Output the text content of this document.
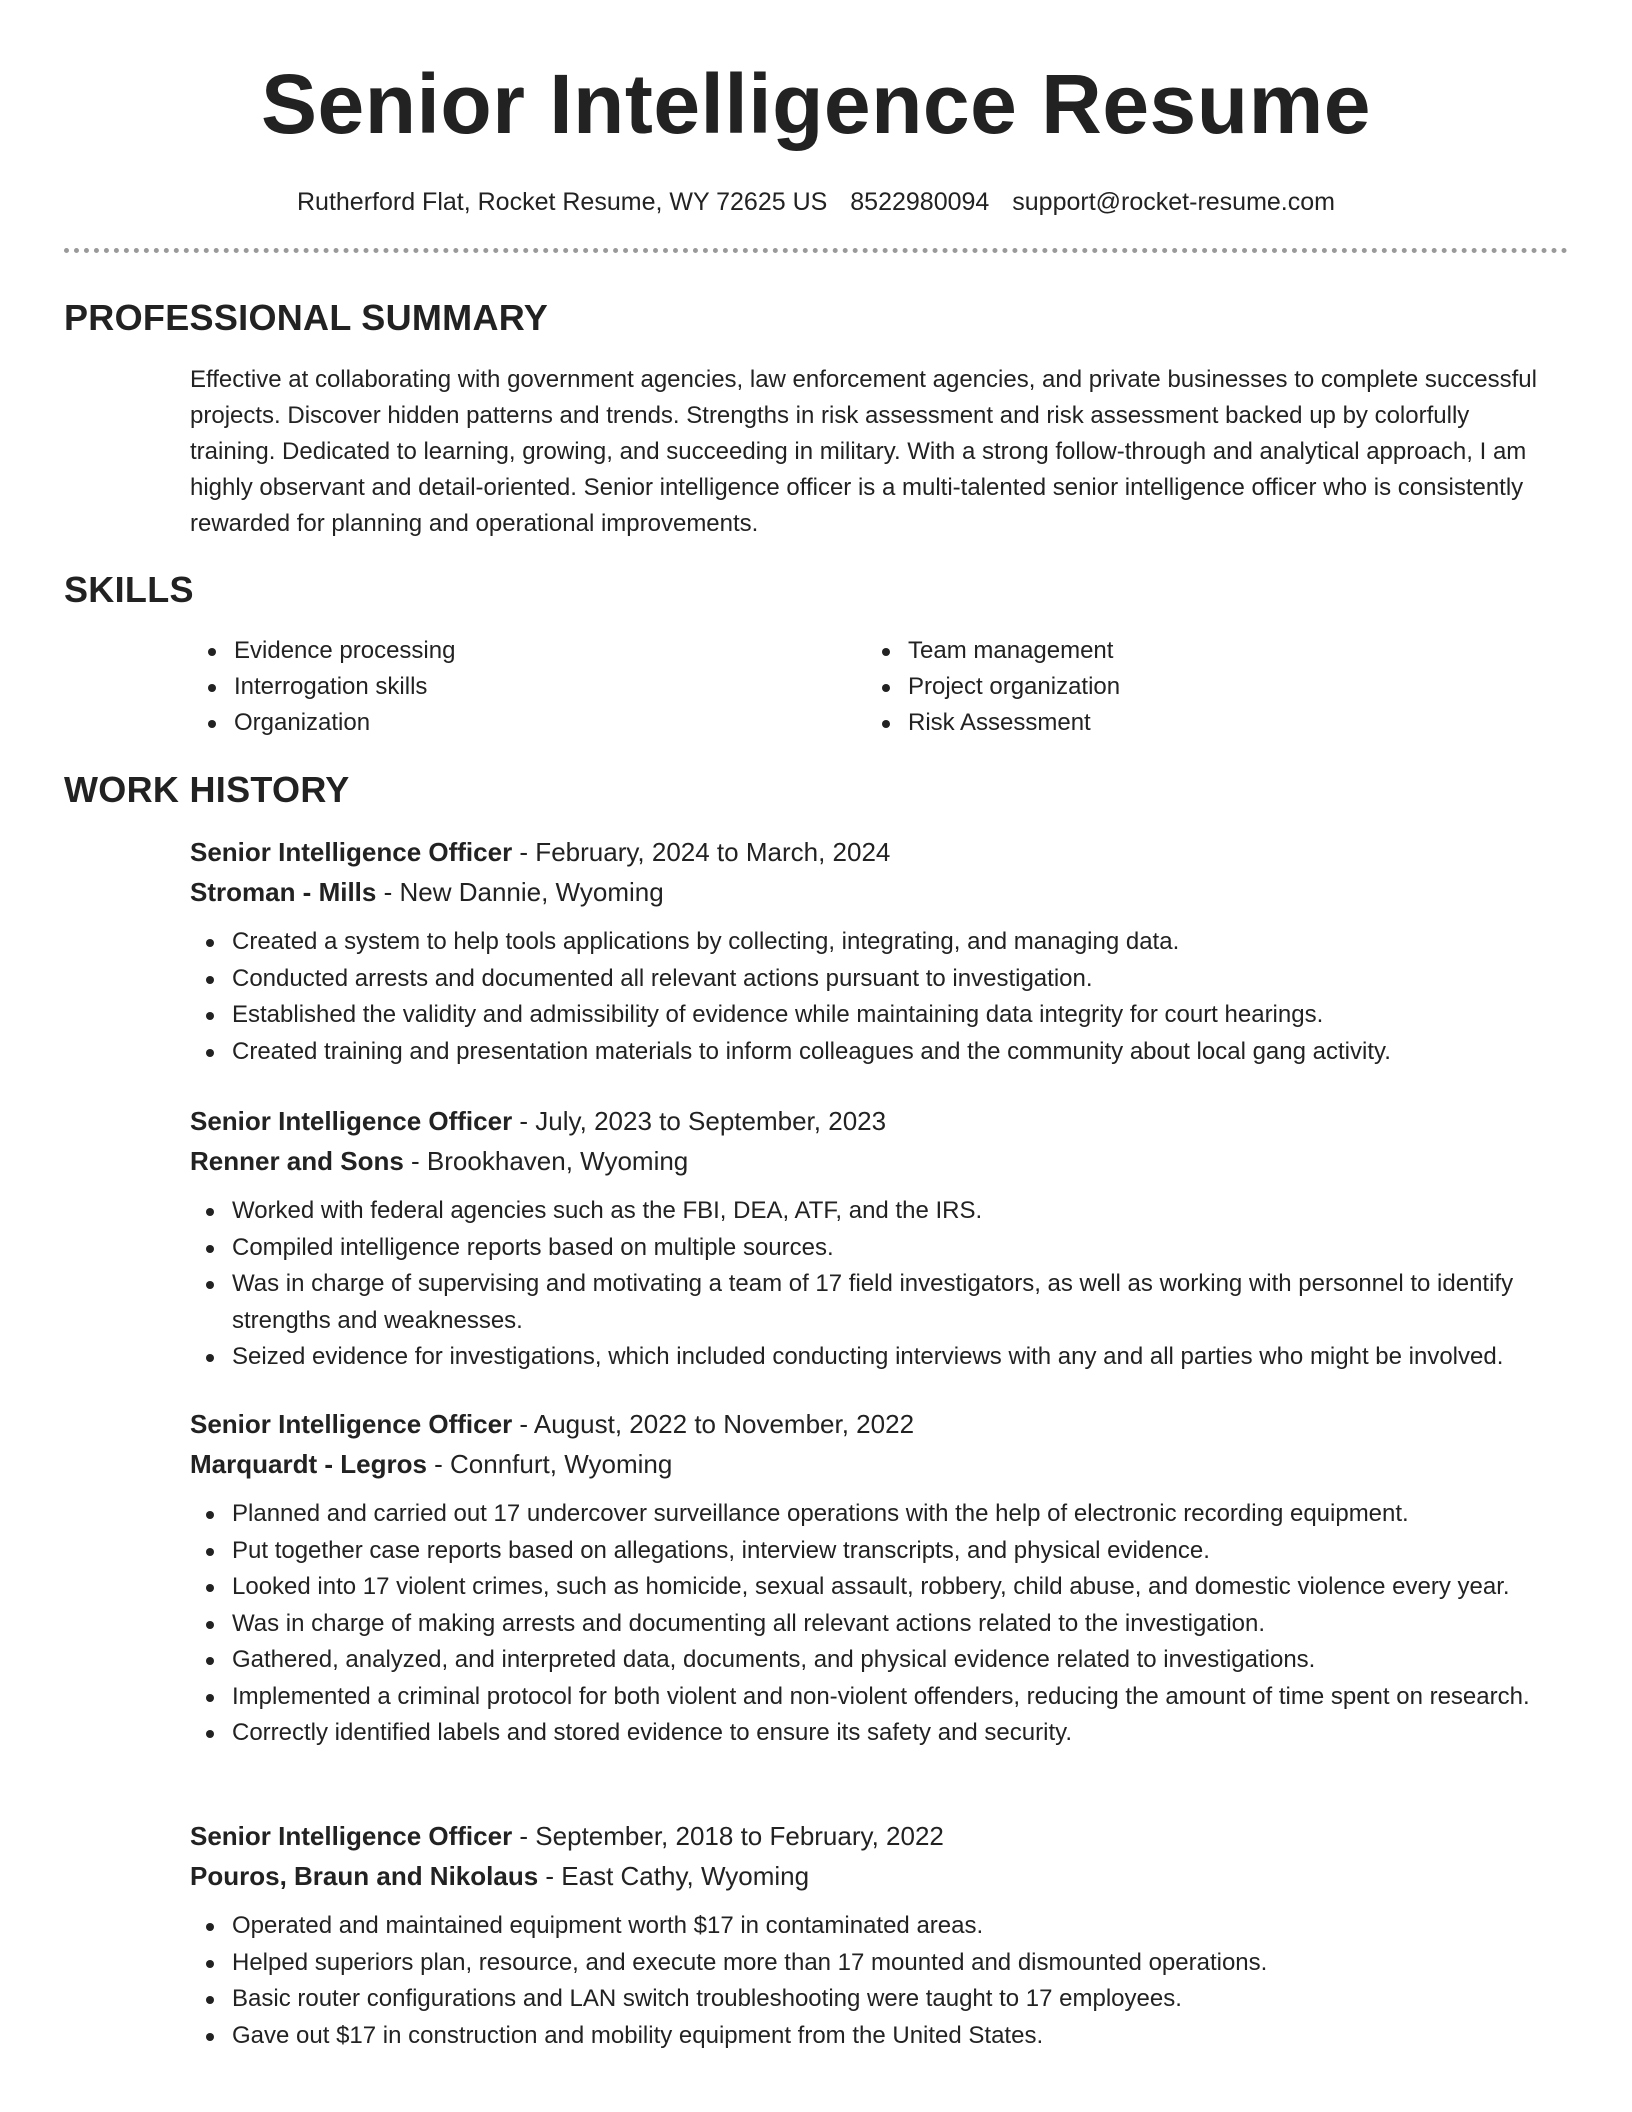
Senior Intelligence Resume
Rutherford Flat, Rocket Resume, WY 72625 US 8522980094 support@rocket-resume.com
PROFESSIONAL SUMMARY

Effective at collaborating with government agencies, law enforcement agencies, and private businesses to complete successful projects. Discover hidden patterns and trends. Strengths in risk assessment and risk assessment backed up by colorfully training. Dedicated to learning, growing, and succeeding in military. With a strong follow-through and analytical approach, I am highly observant and detail-oriented. Senior intelligence officer is a multi-talented senior intelligence officer who is consistently rewarded for planning and operational improvements.

SKILLS
Evidence processing
Interrogation skills
Organization
Team management
Project organization
Risk Assessment
WORK HISTORY

Senior Intelligence Officer - February, 2024 to March, 2024

Stroman - Mills - New Dannie, Wyoming

Created a system to help tools applications by collecting, integrating, and managing data.
Conducted arrests and documented all relevant actions pursuant to investigation.
Established the validity and admissibility of evidence while maintaining data integrity for court hearings.
Created training and presentation materials to inform colleagues and the community about local gang activity.

Senior Intelligence Officer - July, 2023 to September, 2023

Renner and Sons - Brookhaven, Wyoming

Worked with federal agencies such as the FBI, DEA, ATF, and the IRS.
Compiled intelligence reports based on multiple sources.
Was in charge of supervising and motivating a team of 17 field investigators, as well as working with personnel to identify strengths and weaknesses.
Seized evidence for investigations, which included conducting interviews with any and all parties who might be involved.

Senior Intelligence Officer - August, 2022 to November, 2022

Marquardt - Legros - Connfurt, Wyoming

Planned and carried out 17 undercover surveillance operations with the help of electronic recording equipment.
Put together case reports based on allegations, interview transcripts, and physical evidence.
Looked into 17 violent crimes, such as homicide, sexual assault, robbery, child abuse, and domestic violence every year.
Was in charge of making arrests and documenting all relevant actions related to the investigation.
Gathered, analyzed, and interpreted data, documents, and physical evidence related to investigations.
Implemented a criminal protocol for both violent and non-violent offenders, reducing the amount of time spent on research.
Correctly identified labels and stored evidence to ensure its safety and security.

Senior Intelligence Officer - September, 2018 to February, 2022

Pouros, Braun and Nikolaus - East Cathy, Wyoming

Operated and maintained equipment worth $17 in contaminated areas.
Helped superiors plan, resource, and execute more than 17 mounted and dismounted operations.
Basic router configurations and LAN switch troubleshooting were taught to 17 employees.
Gave out $17 in construction and mobility equipment from the United States.
